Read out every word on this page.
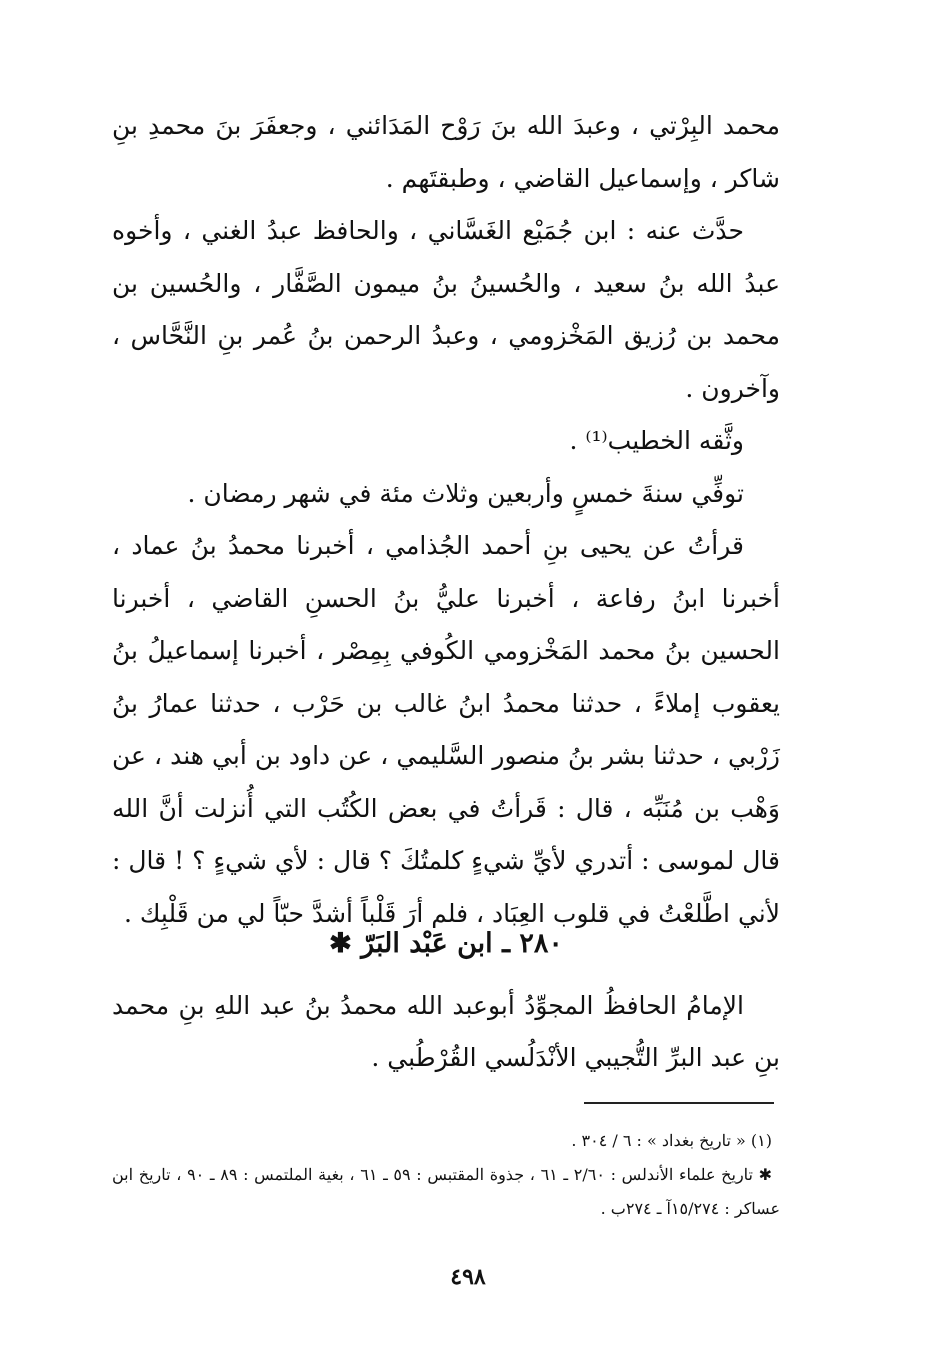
محمد البِرْتي ، وعبدَ الله بنَ رَوْح المَدَائني ، وجعفَرَ بنَ محمدِ بنِ شاكر ، وإسماعيل القاضي ، وطبقتَهم .

حدَّث عنه : ابن جُمَيْع الغَسَّاني ، والحافظ عبدُ الغني ، وأخوه عبدُ الله بنُ سعيد ، والحُسينُ بنُ ميمون الصَّفَّار ، والحُسين بن محمد بن رُزيق المَخْزومي ، وعبدُ الرحمن بنُ عُمر بنِ النَّحَّاس ، وآخرون .

وثَّقه الخطيب⁽¹⁾ .

توفِّي سنةَ خمسٍ وأربعين وثلاث مئة في شهر رمضان .

قرأتُ عن يحيى بنِ أحمد الجُذامي ، أخبرنا محمدُ بنُ عماد ، أخبرنا ابنُ رفاعة ، أخبرنا عليُّ بنُ الحسنِ القاضي ، أخبرنا الحسين بنُ محمد المَخْزومي الكُوفي بِمِصْر ، أخبرنا إسماعيلُ بنُ يعقوب إملاءً ، حدثنا محمدُ ابنُ غالب بن حَرْب ، حدثنا عمارُ بنُ زَرْبي ، حدثنا بشر بنُ منصور السَّليمي ، عن داود بن أبي هند ، عن وَهْب بن مُنَبِّه ، قال : قَرأتُ في بعض الكُتُب التي أُنزلت أنَّ الله قال لموسى : أتدري لأيِّ شيءٍ كلمتُكَ ؟ قال : لأي شيءٍ ؟ ! قال : لأني اطَّلعْتُ في قلوب العِبَاد ، فلم أرَ قَلْباً أشدَّ حبّاً لي من قَلْبِك .

٢٨٠ ـ ابن عَبْد البَرّ ✱

الإمامُ الحافظُ المجوِّدُ أبوعبد الله محمدُ بنُ عبد اللهِ بنِ محمد بنِ عبد البرِّ التُّجيبي الأنْدَلُسي القُرْطُبي .

(١) « تاريخ بغداد » : ٦ / ٣٠٤ .

✱ تاريخ علماء الأندلس : ٢/٦٠ ـ ٦١ ، جذوة المقتبس : ٥٩ ـ ٦١ ، بغية الملتمس : ٨٩ ـ ٩٠ ، تاريخ ابن عساكر : ١٥/٢٧٤آ ـ ٢٧٤ب .

٤٩٨
